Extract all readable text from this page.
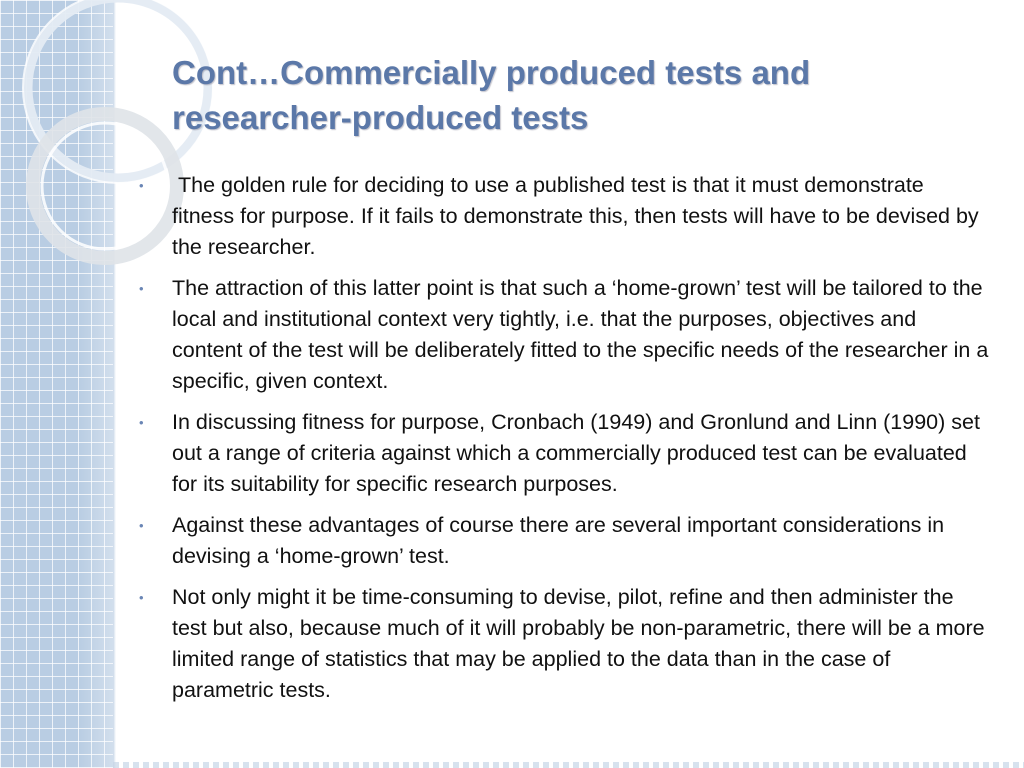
Cont…Commercially produced tests and researcher-produced tests
• The golden rule for deciding to use a published test is that it must demonstrate fitness for purpose. If it fails to demonstrate this, then tests will have to be devised by the researcher.
• The attraction of this latter point is that such a ‘home-grown’ test will be tailored to the local and institutional context very tightly, i.e. that the purposes, objectives and content of the test will be deliberately fitted to the specific needs of the researcher in a specific, given context.
• In discussing fitness for purpose, Cronbach (1949) and Gronlund and Linn (1990) set out a range of criteria against which a commercially produced test can be evaluated for its suitability for specific research purposes.
• Against these advantages of course there are several important considerations in devising a ‘home-grown’ test.
• Not only might it be time-consuming to devise, pilot, refine and then administer the test but also, because much of it will probably be non-parametric, there will be a more limited range of statistics that may be applied to the data than in the case of parametric tests.
